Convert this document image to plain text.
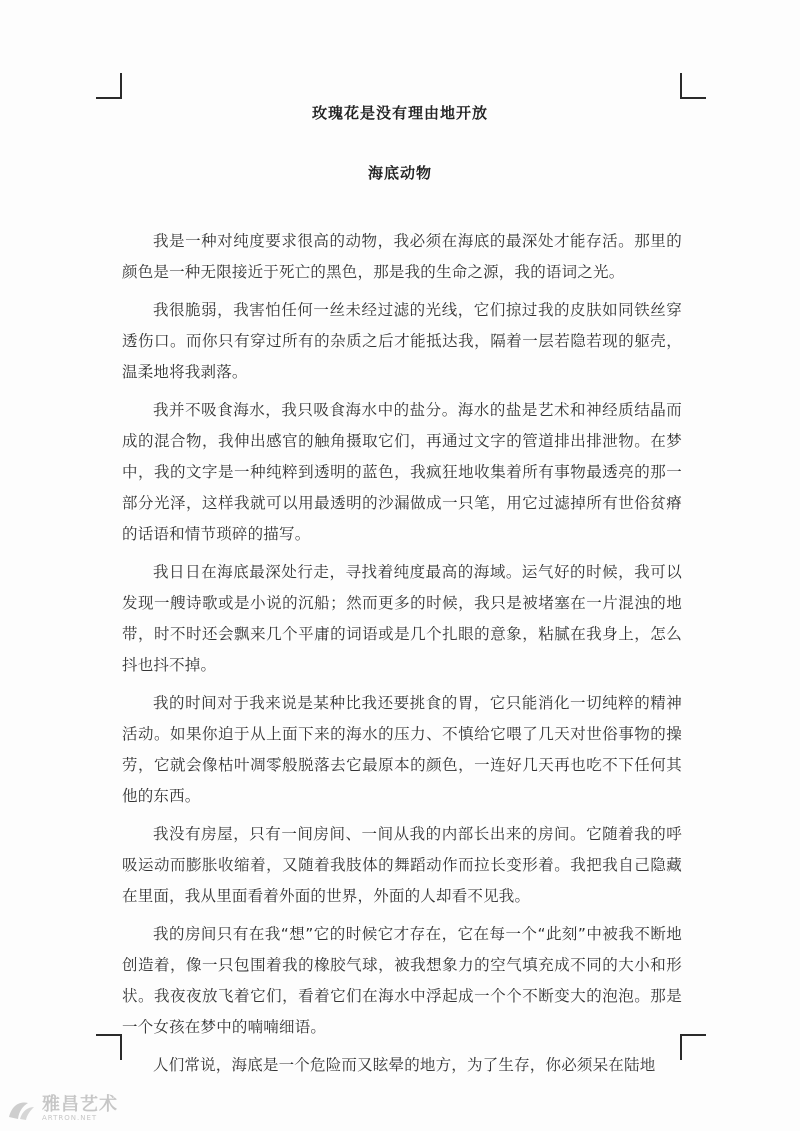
玫瑰花是没有理由地开放
海底动物

我是一种对纯度要求很高的动物，我必须在海底的最深处才能存活。那里的颜色是一种无限接近于死亡的黑色，那是我的生命之源，我的语词之光。

我很脆弱，我害怕任何一丝未经过滤的光线，它们掠过我的皮肤如同铁丝穿透伤口。而你只有穿过所有的杂质之后才能抵达我，隔着一层若隐若现的躯壳，温柔地将我剥落。

我并不吸食海水，我只吸食海水中的盐分。海水的盐是艺术和神经质结晶而成的混合物，我伸出感官的触角摄取它们，再通过文字的管道排出排泄物。在梦中，我的文字是一种纯粹到透明的蓝色，我疯狂地收集着所有事物最透亮的那一部分光泽，这样我就可以用最透明的沙漏做成一只笔，用它过滤掉所有世俗贫瘠的话语和情节琐碎的描写。

我日日在海底最深处行走，寻找着纯度最高的海域。运气好的时候，我可以发现一艘诗歌或是小说的沉船；然而更多的时候，我只是被堵塞在一片混浊的地带，时不时还会飘来几个平庸的词语或是几个扎眼的意象，粘腻在我身上，怎么抖也抖不掉。

我的时间对于我来说是某种比我还要挑食的胃，它只能消化一切纯粹的精神活动。如果你迫于从上面下来的海水的压力、不慎给它喂了几天对世俗事物的操劳，它就会像枯叶凋零般脱落去它最原本的颜色，一连好几天再也吃不下任何其他的东西。

我没有房屋，只有一间房间、一间从我的内部长出来的房间。它随着我的呼吸运动而膨胀收缩着，又随着我肢体的舞蹈动作而拉长变形着。我把我自己隐藏在里面，我从里面看着外面的世界，外面的人却看不见我。

我的房间只有在我“想”它的时候它才存在，它在每一个“此刻”中被我不断地创造着，像一只包围着我的橡胶气球，被我想象力的空气填充成不同的大小和形状。我夜夜放飞着它们，看着它们在海水中浮起成一个个不断变大的泡泡。那是一个女孩在梦中的喃喃细语。

人们常说，海底是一个危险而又眩晕的地方，为了生存，你必须呆在陆地

雅昌艺术
ARTRON.NET
